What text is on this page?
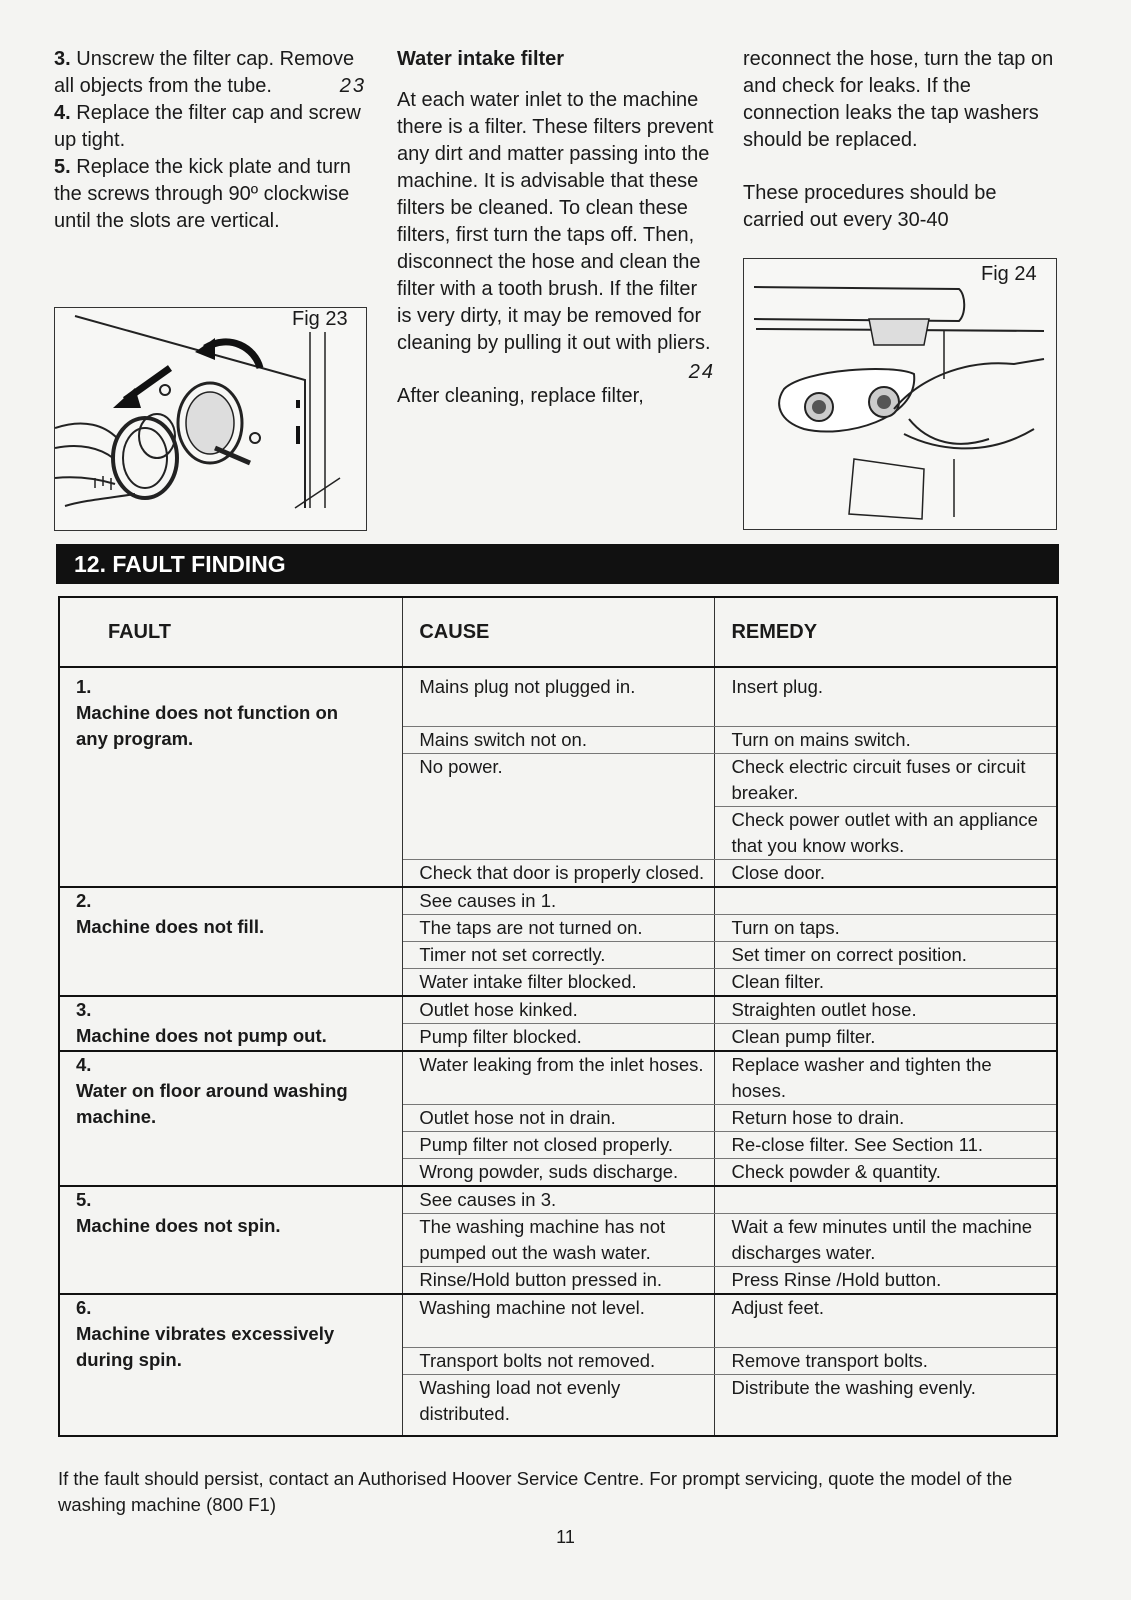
3. Unscrew the filter cap. Remove all objects from the tube.	23

4. Replace the filter cap and screw up tight.

5. Replace the kick plate and turn the screws through 90º clockwise until the slots are vertical.

Fig 23

Water intake filter

At each water inlet to the machine there is a filter. These filters prevent any dirt and matter passing into the machine. It is advisable that these filters be cleaned. To clean these filters, first turn the taps off. Then, disconnect the hose and clean the filter with a tooth brush. If the filter is very dirty, it may be removed for cleaning by pulling it out with pliers.
24

After cleaning, replace filter,

reconnect the hose, turn the tap on and check for leaks. If the connection leaks the tap washers should be replaced.

These procedures should be carried out every 30-40

Fig 24
12. FAULT FINDING
FAULT	CAUSE	REMEDY
1.Machine does not function on any program.	Mains plug not plugged in.	Insert plug.
	Mains switch not on.	Turn on mains switch.
	No power.	Check electric circuit fuses or circuit breaker.
		Check power outlet with an appliance that you know works.
	Check that door is properly closed.	Close door.
2.Machine does not fill.	See causes in 1.	
	The taps are not turned on.	Turn on taps.
	Timer not set correctly.	Set timer on correct position.
	Water intake filter blocked.	Clean filter.
3.Machine does not pump out.	Outlet hose kinked.	Straighten outlet hose.
	Pump filter blocked.	Clean pump filter.
4.Water on floor around washing machine.	Water leaking from the inlet hoses.	Replace washer and tighten the hoses.
	Outlet hose not in drain.	Return hose to drain.
	Pump filter not closed properly.	Re-close filter. See Section 11.
	Wrong powder, suds discharge.	Check powder & quantity.
5.Machine does not spin.	See causes in 3.	
	The washing machine has not pumped out the wash water.	Wait a few minutes until the machine discharges water.
	Rinse/Hold button pressed in.	Press Rinse /Hold button.
6.Machine vibrates excessively during spin.	Washing machine not level.	Adjust feet.
	Transport bolts not removed.	Remove transport bolts.
	Washing load not evenly distributed.	Distribute the washing evenly.
If the fault should persist, contact an Authorised Hoover Service Centre. For prompt servicing, quote the model of the washing machine (800 F1)
11
